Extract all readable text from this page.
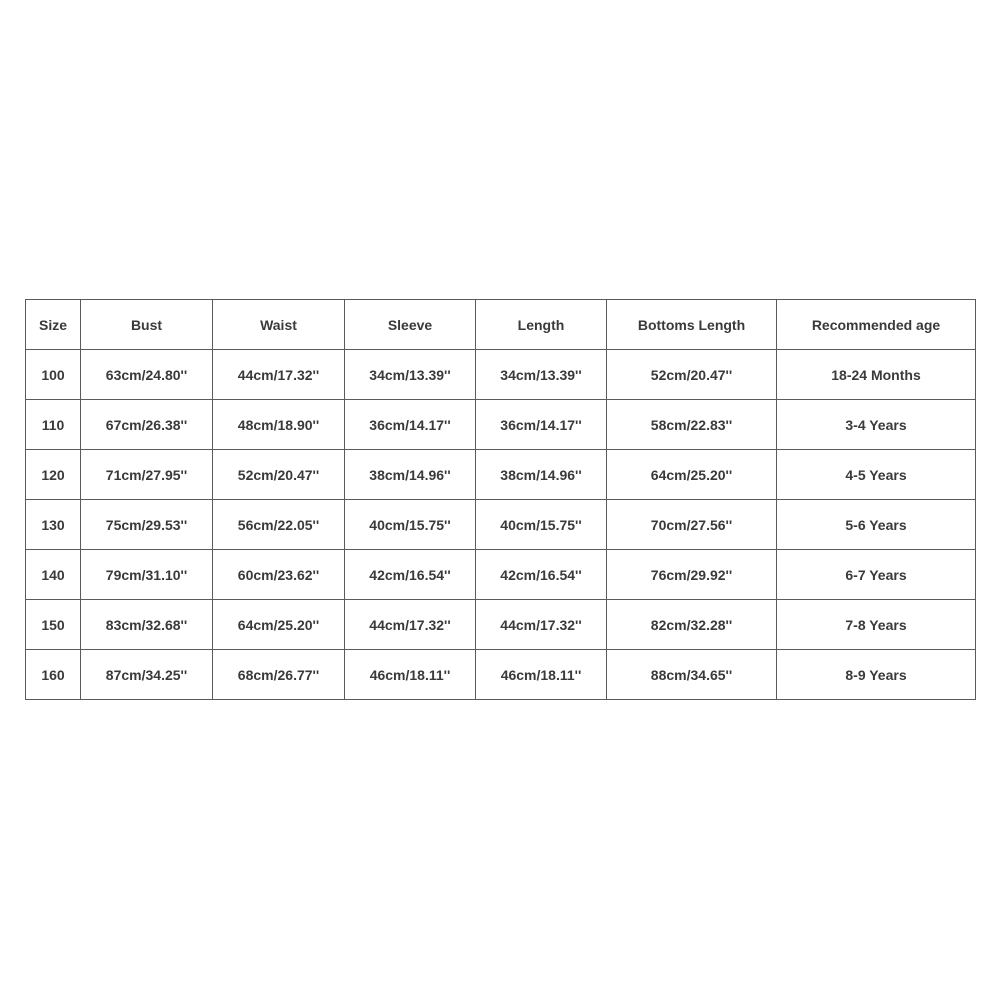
Size	Bust	Waist	Sleeve	Length	Bottoms Length	Recommended age
100	63cm/24.80''	44cm/17.32''	34cm/13.39''	34cm/13.39''	52cm/20.47''	18-24 Months
110	67cm/26.38''	48cm/18.90''	36cm/14.17''	36cm/14.17''	58cm/22.83''	3-4 Years
120	71cm/27.95''	52cm/20.47''	38cm/14.96''	38cm/14.96''	64cm/25.20''	4-5 Years
130	75cm/29.53''	56cm/22.05''	40cm/15.75''	40cm/15.75''	70cm/27.56''	5-6 Years
140	79cm/31.10''	60cm/23.62''	42cm/16.54''	42cm/16.54''	76cm/29.92''	6-7 Years
150	83cm/32.68''	64cm/25.20''	44cm/17.32''	44cm/17.32''	82cm/32.28''	7-8 Years
160	87cm/34.25''	68cm/26.77''	46cm/18.11''	46cm/18.11''	88cm/34.65''	8-9 Years
